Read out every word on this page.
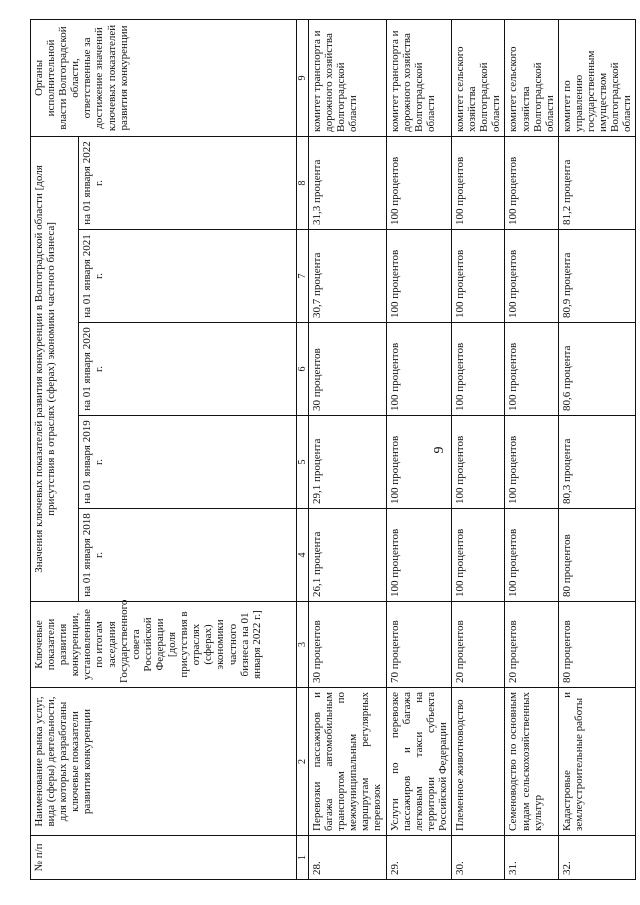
№ п/п	Наименование рынка услуг, вида (сферы) деятельности, для которых разработаны ключевые показатели развития конкуренции	Ключевые показатели развития конкуренции, установленные по итогам заседания Государственного совета Российской Федерации [доля присутствия в отраслях (сферах) экономики частного бизнеса на 01 января 2022 г.]	Значения ключевых показателей развития конкуренции в Волгоградской области [доля присутствия в отраслях (сферах) экономики частного бизнеса]					Органы исполнительной власти Волгоградской области, ответственные за достижение значений ключевых показателей развития конкуренции
			на 01 января 2018 г.	на 01 января 2019 г.	на 01 января 2020 г.	на 01 января 2021 г.	на 01 января 2022 г.	
1	2	3	4	5	6	7	8	9
28.	Перевозки пассажиров и багажа автомобильным транспортом по межмуниципальным маршрутам регулярных перевозок	30 процентов	26,1 процента	29,1 процента	30 процентов	30,7 процента	31,3 процента	комитет транспорта и дорожного хозяйства Волгоградской области
29.	Услуги по перевозке пассажиров и багажа легковым такси на территории субъекта Российской Федерации	70 процентов	100 процентов	100 процентов	100 процентов	100 процентов	100 процентов	комитет транспорта и дорожного хозяйства Волгоградской области
30.	Племенное животноводство	20 процентов	100 процентов	100 процентов	100 процентов	100 процентов	100 процентов	комитет сельского хозяйства Волгоградской области
31.	Семеноводство по основным видам сельскохозяйственных культур	20 процентов	100 процентов	100 процентов	100 процентов	100 процентов	100 процентов	комитет сельского хозяйства Волгоградской области
32.	Кадастровые и землеустроительные работы	80 процентов	80 процентов	80,3 процента	80,6 процента	80,9 процента	81,2 процента	комитет по управлению государственным имуществом Волгоградской области
9
